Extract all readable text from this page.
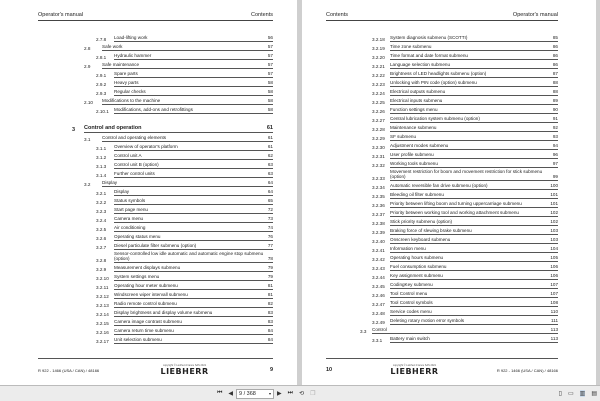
Operator's manual	Contents
2.7.8	Load-lifting work	56
2.8	Safe work	57
2.8.1	Hydraulic hammer	57
2.9	Safe maintenance	57
2.9.1	Spare parts	57
2.9.2	Heavy parts	58
2.9.3	Regular checks	58
2.10	Modifications to the machine	58
2.10.1	Modifications, add-ons and retrofittings	58
3	Control and operation	61
3.1	Control and operating elements	61
3.1.1	Overview of operator's platform	61
3.1.2	Control unit A	62
3.1.3	Control unit B (option)	63
3.1.4	Further control units	63
3.2	Display	64
3.2.1	Display	64
3.2.2	Status symbols	65
3.2.3	Start page menu	72
3.2.4	Camera menu	73
3.2.5	Air conditioning	74
3.2.6	Operating status menu	76
3.2.7	Diesel particulate filter submenu (option)	77
3.2.8
Sensor-controlled low idle automatic and automatic engine stop submenu (option)	78
3.2.9	Measurement displays submenu	79
3.2.10	System settings menu	79
3.2.11	Operating hour meter submenu	81
3.2.12	Windscreen wiper intervall submenu	81
3.2.13	Radio remote control submenu	82
3.2.14	Display brightness and display volume submenu	83
3.2.15	Camera image contrast submenu	83
3.2.16	Camera return time submenu	84
3.2.17	Unit selection submenu	84

R 922 - 1466 (USA / CAN) / 48166
copyright © Liebherr-France SAS 2021
LIEBHERR	9
Contents	Operator's manual
3.2.18	System diagnosis submenu (SCOTTI)	85
3.2.19	Time zone submenu	86
3.2.20	Time format and date format submenu	86
3.2.21	Language selection submenu	86
3.2.22	Brightness of LED headlights submenu (option)	87
3.2.23	Unlocking with PIN code (option) submenu	88
3.2.24	Electrical outputs submenu	88
3.2.25	Electrical inputs submenu	89
3.2.26	Function settings menu	90
3.2.27	Central lubrication system submenu (option)	91
3.2.28	Maintenance submenu	92
3.2.29	SF submenu	93
3.2.30	Adjustment modes submenu	94
3.2.31	User profile submenu	96
3.2.32	Working tools submenu	97
3.2.33
Movement restriction for boom and movement restriction for stick submenu (option)	99
3.2.34	Automatic reversible fan drive submenu (option)	100
3.2.35	Bleeding oil filter submenu	101
3.2.36	Priority between lifting boom and turning uppercarriage submenu	101
3.2.37	Priority between working tool and working attachment submenu	102
3.2.38	Stick priority submenu (option)	102
3.2.39	Braking force of slewing brake submenu	103
3.2.40	Onscreen keyboard submenu	103
3.2.41	Information menu	104
3.2.42	Operating hours submenu	105
3.2.43	Fuel consumption submenu	106
3.2.44	Key assignment submenu	106
3.2.45	CodingKey submenu	107
3.2.46	Tool Control menu	107
3.2.47	Tool Control symbols	108
3.2.48	Service codes menu	110
3.2.49	Deleting rotary motion error symbols	111
3.3	Control	113
3.3.1	Battery main switch	113
10
copyright © Liebherr-France SAS 2021
LIEBHERR	R 922 - 1466 (USA / CAN) / 48166
⏮ ◀ 9 / 368	▾ ▶ ⏭ ⟲ ❐	▯ ▭ ▥ ▤
